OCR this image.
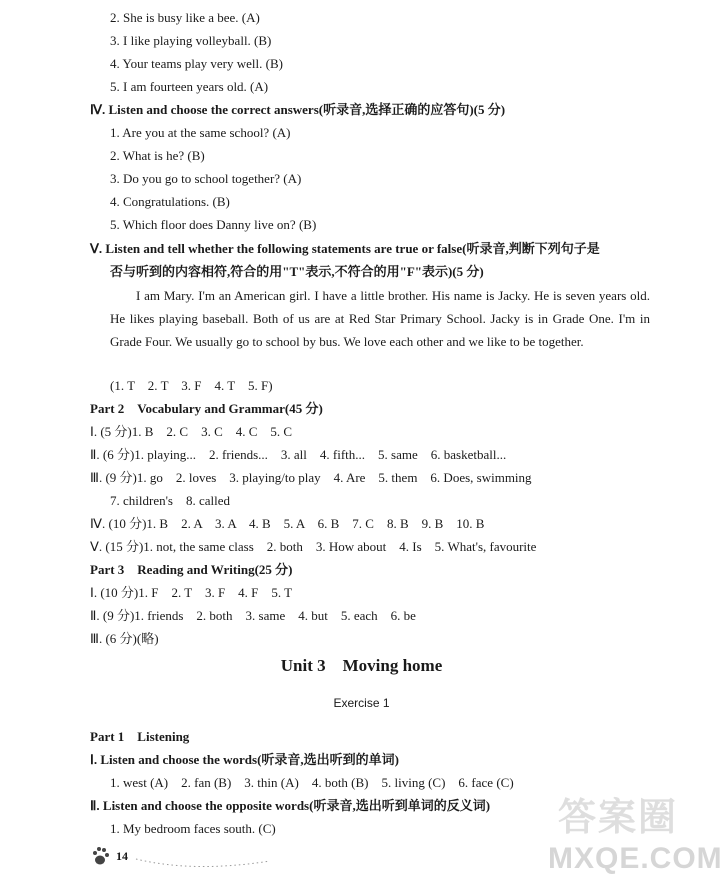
2. She is busy like a bee. (A)
3. I like playing volleyball. (B)
4. Your teams play very well. (B)
5. I am fourteen years old. (A)
Ⅳ. Listen and choose the correct answers(听录音,选择正确的应答句)(5 分)
1. Are you at the same school? (A)
2. What is he? (B)
3. Do you go to school together? (A)
4. Congratulations. (B)
5. Which floor does Danny live on? (B)
Ⅴ. Listen and tell whether the following statements are true or false(听录音,判断下列句子是
否与听到的内容相符,符合的用"T"表示,不符合的用"F"表示)(5 分)
I am Mary. I'm an American girl. I have a little brother. His name is Jacky. He is seven years old. He likes playing baseball. Both of us are at Red Star Primary School. Jacky is in Grade One. I'm in Grade Four. We usually go to school by bus. We love each other and we like to be together.
(1. T　2. T　3. F　4. T　5. F)
Part 2　Vocabulary and Grammar(45 分)
Ⅰ. (5 分)1. B　2. C　3. C　4. C　5. C
Ⅱ. (6 分)1. playing...　2. friends...　3. all　4. fifth...　5. same　6. basketball...
Ⅲ. (9 分)1. go　2. loves　3. playing/to play　4. Are　5. them　6. Does, swimming
7. children's　8. called
Ⅳ. (10 分)1. B　2. A　3. A　4. B　5. A　6. B　7. C　8. B　9. B　10. B
Ⅴ. (15 分)1. not, the same class　2. both　3. How about　4. Is　5. What's, favourite
Part 3　Reading and Writing(25 分)
Ⅰ. (10 分)1. F　2. T　3. F　4. F　5. T
Ⅱ. (9 分)1. friends　2. both　3. same　4. but　5. each　6. be
Ⅲ. (6 分)(略)
Unit 3　Moving home
Exercise 1
Part 1　Listening
Ⅰ. Listen and choose the words(听录音,选出听到的单词)
1. west (A)　2. fan (B)　3. thin (A)　4. both (B)　5. living (C)　6. face (C)
Ⅱ. Listen and choose the opposite words(听录音,选出听到单词的反义词)
1. My bedroom faces south. (C)
14
答案圈
MXQE.COM
